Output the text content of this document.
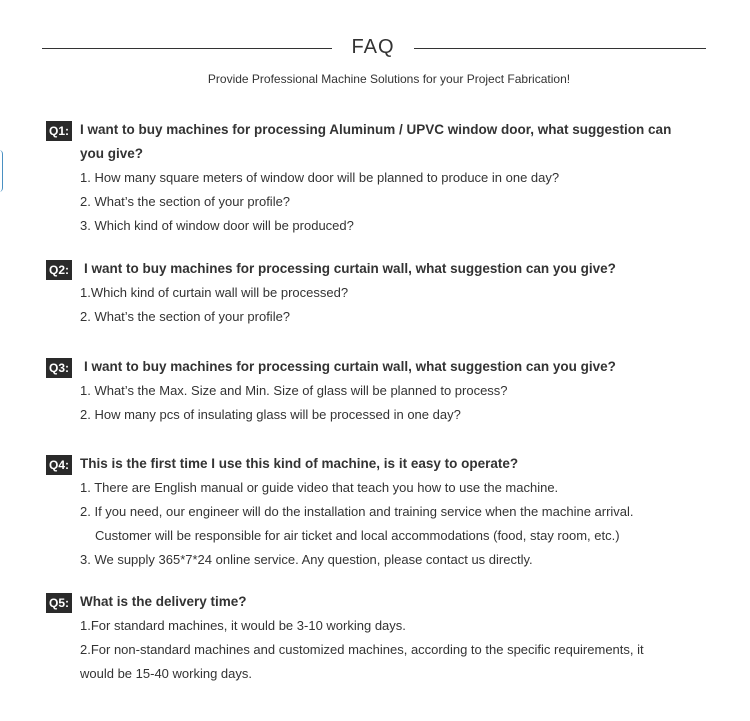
FAQ
Provide Professional Machine Solutions for your Project Fabrication!
Q1: I want to buy machines for processing Aluminum / UPVC window door, what suggestion can
you give?
1. How many square meters of window door will be planned to produce in one day?
2. What’s the section of your profile?
3. Which kind of window door will be produced?
Q2: I want to buy machines for processing curtain wall, what suggestion can you give?
1.Which kind of curtain wall will be processed?
2. What’s the section of your profile?
Q3: I want to buy machines for processing curtain wall, what suggestion can you give?
1. What’s the Max. Size and Min. Size of glass will be planned to process?
2. How many pcs of insulating glass will be processed in one day?
Q4: This is the first time I use this kind of machine, is it easy to operate?
1. There are English manual or guide video that teach you how to use the machine.
2. If you need, our engineer will do the installation and training service when the machine arrival.
Customer will be responsible for air ticket and local accommodations (food, stay room, etc.)
3. We supply 365*7*24 online service. Any question, please contact us directly.
Q5: What is the delivery time?
1.For standard machines, it would be 3-10 working days.
2.For non-standard machines and customized machines, according to the specific requirements, it
would be 15-40 working days.
